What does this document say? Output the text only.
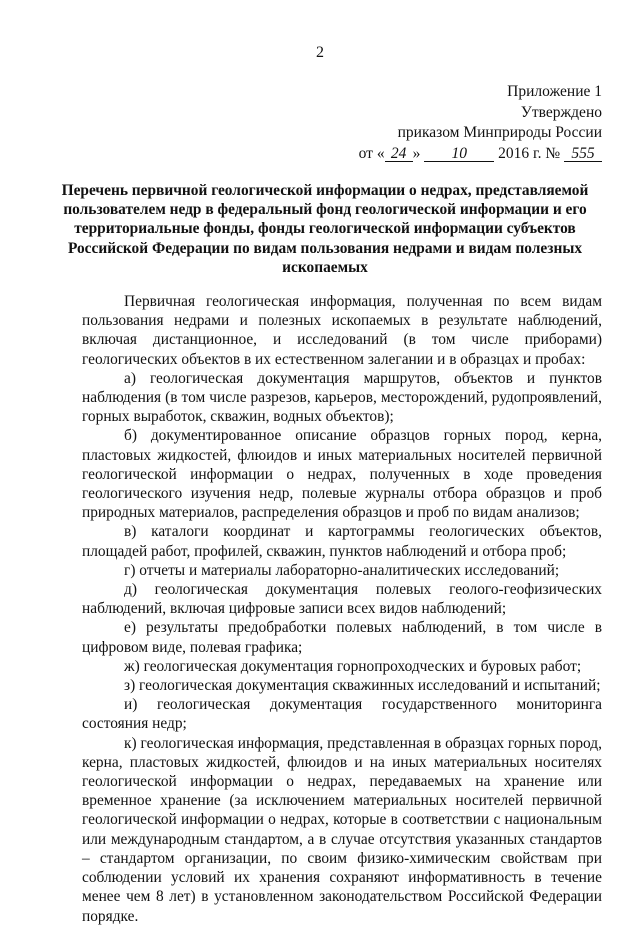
2
Приложение 1
Утверждено
приказом Минприроды России
от « 24 » 10 2016 г. № 555
Перечень первичной геологической информации о недрах, представляемой пользователем недр в федеральный фонд геологической информации и его территориальные фонды, фонды геологической информации субъектов Российской Федерации по видам пользования недрами и видам полезных ископаемых

Первичная геологическая информация, полученная по всем видам пользования недрами и полезных ископаемых в результате наблюдений, включая дистанционное, и исследований (в том числе приборами) геологических объектов в их естественном залегании и в образцах и пробах:

а) геологическая документация маршрутов, объектов и пунктов наблюдения (в том числе разрезов, карьеров, месторождений, рудопроявлений, горных выработок, скважин, водных объектов);

б) документированное описание образцов горных пород, керна, пластовых жидкостей, флюидов и иных материальных носителей первичной геологической информации о недрах, полученных в ходе проведения геологического изучения недр, полевые журналы отбора образцов и проб природных материалов, распределения образцов и проб по видам анализов;

в) каталоги координат и картограммы геологических объектов, площадей работ, профилей, скважин, пунктов наблюдений и отбора проб;

г) отчеты и материалы лабораторно-аналитических исследований;

д) геологическая документация полевых геолого-геофизических наблюдений, включая цифровые записи всех видов наблюдений;

е) результаты предобработки полевых наблюдений, в том числе в цифровом виде, полевая графика;

ж) геологическая документация горнопроходческих и буровых работ;

з) геологическая документация скважинных исследований и испытаний;

и) геологическая документация государственного мониторинга состояния недр;

к) геологическая информация, представленная в образцах горных пород, керна, пластовых жидкостей, флюидов и на иных материальных носителях геологической информации о недрах, передаваемых на хранение или временное хранение (за исключением материальных носителей первичной геологической информации о недрах, которые в соответствии с национальным или международным стандартом, а в случае отсутствия указанных стандартов – стандартом организации, по своим физико-химическим свойствам при соблюдении условий их хранения сохраняют информативность в течение менее чем 8 лет) в установленном законодательством Российской Федерации порядке.
